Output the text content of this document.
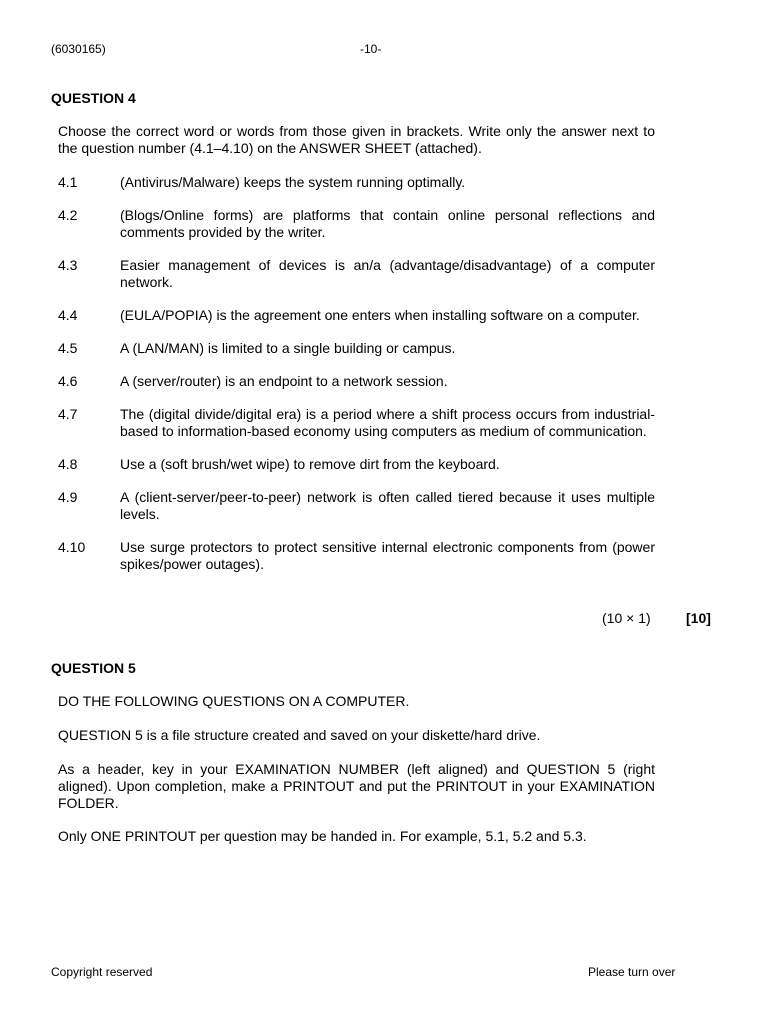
(6030165)	-10-
QUESTION 4
Choose the correct word or words from those given in brackets. Write only the answer next to the question number (4.1–4.10) on the ANSWER SHEET (attached).
4.1	(Antivirus/Malware) keeps the system running optimally.
4.2	(Blogs/Online forms) are platforms that contain online personal reflections and comments provided by the writer.
4.3	Easier management of devices is an/a (advantage/disadvantage) of a computer network.
4.4	(EULA/POPIA) is the agreement one enters when installing software on a computer.
4.5	A (LAN/MAN) is limited to a single building or campus.
4.6	A (server/router) is an endpoint to a network session.
4.7	The (digital divide/digital era) is a period where a shift process occurs from industrial-based to information-based economy using computers as medium of communication.
4.8	Use a (soft brush/wet wipe) to remove dirt from the keyboard.
4.9	A (client-server/peer-to-peer) network is often called tiered because it uses multiple levels.
4.10	Use surge protectors to protect sensitive internal electronic components from (power spikes/power outages).
(10 × 1)	[10]
QUESTION 5
DO THE FOLLOWING QUESTIONS ON A COMPUTER.
QUESTION 5 is a file structure created and saved on your diskette/hard drive.
As a header, key in your EXAMINATION NUMBER (left aligned) and QUESTION 5 (right aligned). Upon completion, make a PRINTOUT and put the PRINTOUT in your EXAMINATION FOLDER.
Only ONE PRINTOUT per question may be handed in. For example, 5.1, 5.2 and 5.3.
Copyright reserved	Please turn over
